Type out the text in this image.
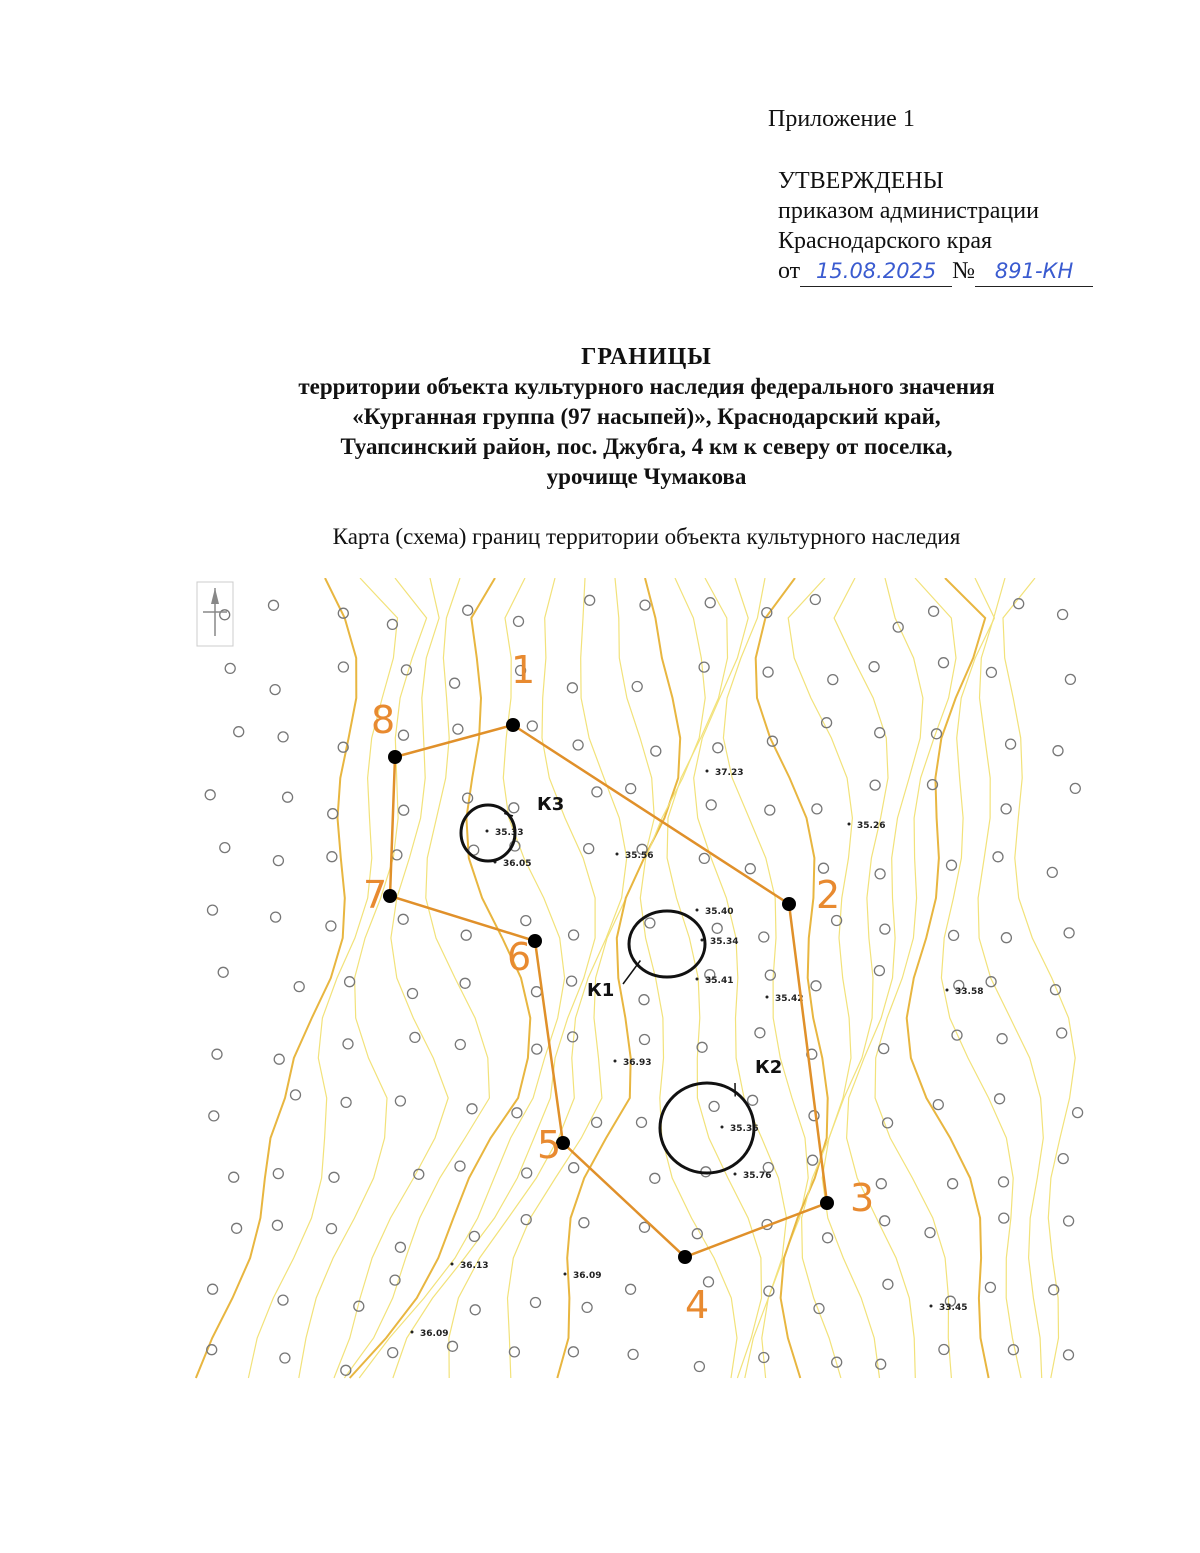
Приложение 1
УТВЕРЖДЕНЫ
приказом администрации
Краснодарского края
от 15.08.2025 № 891-КН
ГРАНИЦЫ
территории объекта культурного наследия федерального значения
«Курганная группа (97 насыпей)», Краснодарский край,
Туапсинский район, пос. Джубга, 4 км к северу от поселка,
урочище Чумакова
Карта (схема) границ территории объекта культурного наследия
35.56
35.40
35.34
35.41
35.42
36.93
35.36
35.76
36.13
36.09
36.09
33.45
33.58
35.26
37.23
35.33
36.05
К1
К2
К3
1
2
3
4
5
6
7
8
